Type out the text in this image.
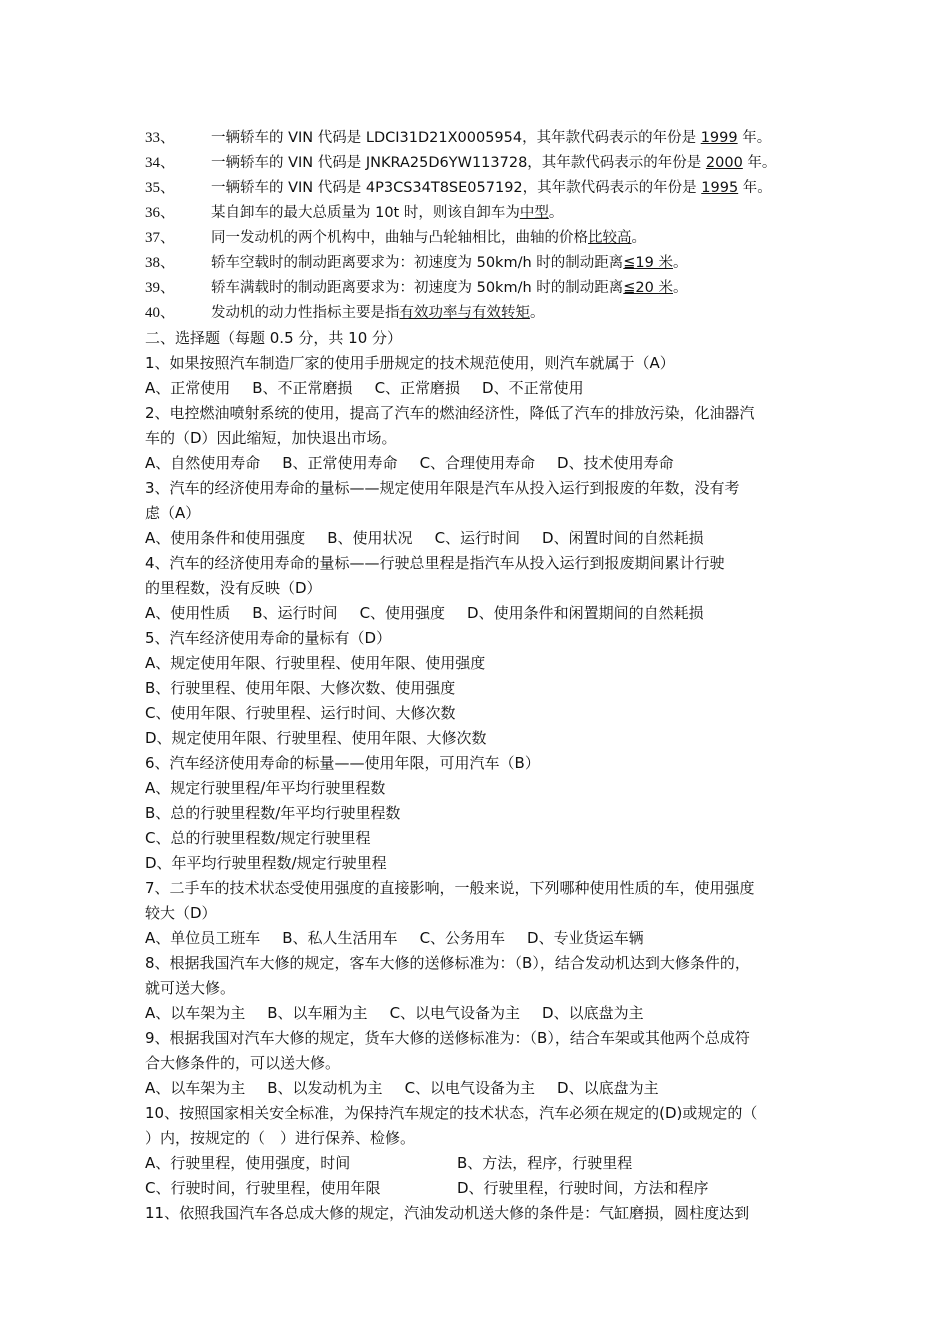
33、 一辆轿车的 VIN 代码是 LDCI31D21X0005954，其年款代码表示的年份是 1999 年。
34、 一辆轿车的 VIN 代码是 JNKRA25D6YW113728，其年款代码表示的年份是 2000 年。
35、 一辆轿车的 VIN 代码是 4P3CS34T8SE057192，其年款代码表示的年份是 1995 年。
36、 某自卸车的最大总质量为 10t 时，则该自卸车为中型。
37、 同一发动机的两个机构中，曲轴与凸轮轴相比，曲轴的价格比较高。
38、 轿车空载时的制动距离要求为：初速度为 50km/h 时的制动距离≦19 米。
39、 轿车满载时的制动距离要求为：初速度为 50km/h 时的制动距离≦20 米。
40、 发动机的动力性指标主要是指有效功率与有效转矩。
二、选择题（每题 0.5 分，共 10 分）
1、如果按照汽车制造厂家的使用手册规定的技术规范使用，则汽车就属于（A）
A、正常使用 B、不正常磨损 C、正常磨损 D、不正常使用
2、电控燃油喷射系统的使用，提高了汽车的燃油经济性，降低了汽车的排放污染，化油器汽
车的（D）因此缩短，加快退出市场。
A、自然使用寿命 B、正常使用寿命 C、合理使用寿命 D、技术使用寿命
3、汽车的经济使用寿命的量标——规定使用年限是汽车从投入运行到报废的年数，没有考
虑（A）
A、使用条件和使用强度 B、使用状况 C、运行时间 D、闲置时间的自然耗损
4、汽车的经济使用寿命的量标——行驶总里程是指汽车从投入运行到报废期间累计行驶
的里程数，没有反映（D）
A、使用性质 B、运行时间 C、使用强度 D、使用条件和闲置期间的自然耗损
5、汽车经济使用寿命的量标有（D）
A、规定使用年限、行驶里程、使用年限、使用强度
B、行驶里程、使用年限、大修次数、使用强度
C、使用年限、行驶里程、运行时间、大修次数
D、规定使用年限、行驶里程、使用年限、大修次数
6、汽车经济使用寿命的标量——使用年限，可用汽车（B）
A、规定行驶里程/年平均行驶里程数
B、总的行驶里程数/年平均行驶里程数
C、总的行驶里程数/规定行驶里程
D、年平均行驶里程数/规定行驶里程
7、二手车的技术状态受使用强度的直接影响，一般来说，下列哪种使用性质的车，使用强度
较大（D）
A、单位员工班车 B、私人生活用车 C、公务用车 D、专业货运车辆
8、根据我国汽车大修的规定，客车大修的送修标准为：（B），结合发动机达到大修条件的，
就可送大修。
A、以车架为主 B、以车厢为主 C、以电气设备为主 D、以底盘为主
9、根据我国对汽车大修的规定，货车大修的送修标准为：（B），结合车架或其他两个总成符
合大修条件的，可以送大修。
A、以车架为主 B、以发动机为主 C、以电气设备为主 D、以底盘为主
10、按照国家相关安全标准，为保持汽车规定的技术状态，汽车必须在规定的(D)或规定的（
）内，按规定的（　）进行保养、检修。
A、行驶里程，使用强度，时间	B、方法，程序，行驶里程
C、行驶时间，行驶里程，使用年限	D、行驶里程，行驶时间，方法和程序
11、依照我国汽车各总成大修的规定，汽油发动机送大修的条件是：气缸磨损，圆柱度达到
